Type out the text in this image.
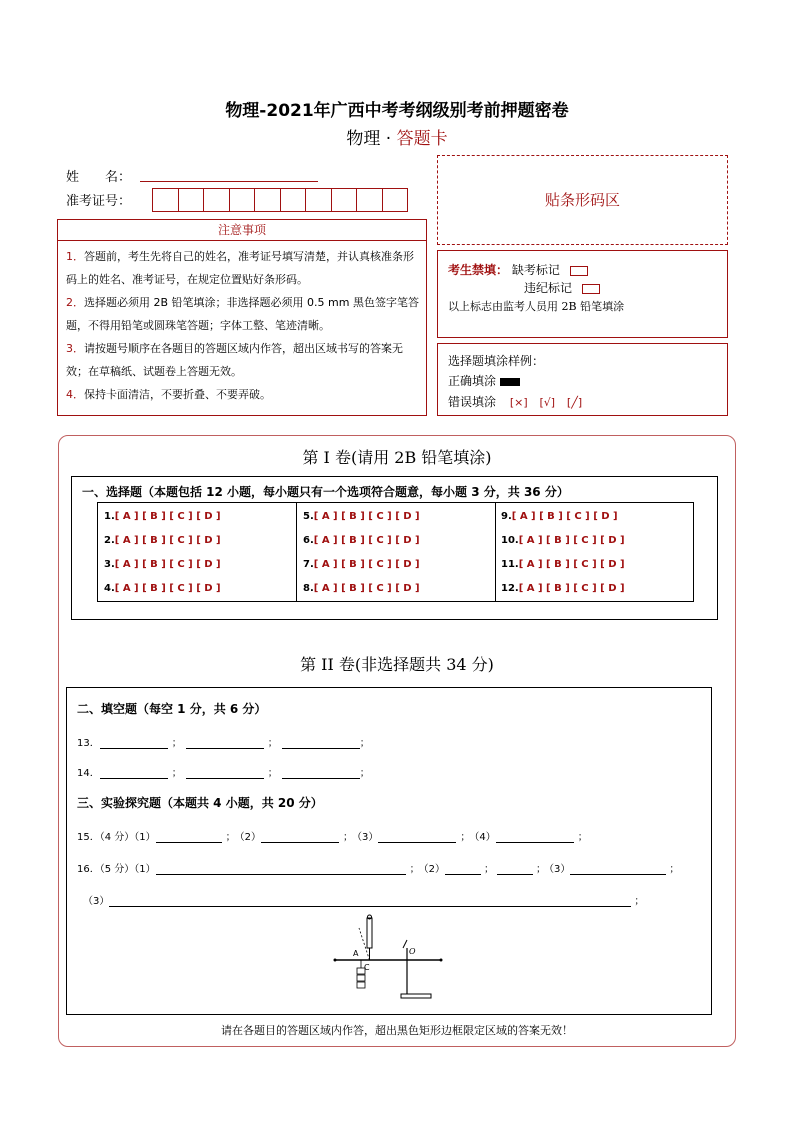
物理-2021年广西中考考纲级别考前押题密卷
物理 · 答题卡
姓　　名：
准考证号：	贴条形码区
注意事项
1．答题前，考生先将自己的姓名，准考证号填写清楚，并认真核准条形码上的姓名、准考证号，在规定位置贴好条形码。
2．选择题必须用 2B 铅笔填涂；非选择题必须用 0.5 mm 黑色签字笔答题，不得用铅笔或圆珠笔答题；字体工整、笔迹清晰。
3．请按题号顺序在各题目的答题区域内作答，超出区域书写的答案无效；在草稿纸、试题卷上答题无效。
4．保持卡面清洁，不要折叠、不要弄破。
考生禁填： 缺考标记
违纪标记
以上标志由监考人员用 2B 铅笔填涂
选择题填涂样例：
正确填涂
错误填涂 [×] [√] [╱]
第 I 卷(请用 2B 铅笔填涂)
一、选择题（本题包括 12 小题，每小题只有一个选项符合题意，每小题 3 分，共 36 分）
1.[ A ] [ B ] [ C ] [ D ]
2.[ A ] [ B ] [ C ] [ D ]
3.[ A ] [ B ] [ C ] [ D ]
4.[ A ] [ B ] [ C ] [ D ]
5.[ A ] [ B ] [ C ] [ D ]
6.[ A ] [ B ] [ C ] [ D ]
7.[ A ] [ B ] [ C ] [ D ]
8.[ A ] [ B ] [ C ] [ D ]
9.[ A ] [ B ] [ C ] [ D ]
10.[ A ] [ B ] [ C ] [ D ]
11.[ A ] [ B ] [ C ] [ D ]
12.[ A ] [ B ] [ C ] [ D ]
第 II 卷(非选择题共 34 分)
二、填空题（每空 1 分，共 6 分）
13．	；	；	；
14．	；	；	；
三、实验探究题（本题共 4 小题，共 20 分）
15．（4 分）（1）	； （2）	； （3）	； （4）	；
16．（5 分）（1）	； （2）	；	； （3）	；
（3）	；
A
C
O
请在各题目的答题区域内作答，超出黑色矩形边框限定区域的答案无效！
